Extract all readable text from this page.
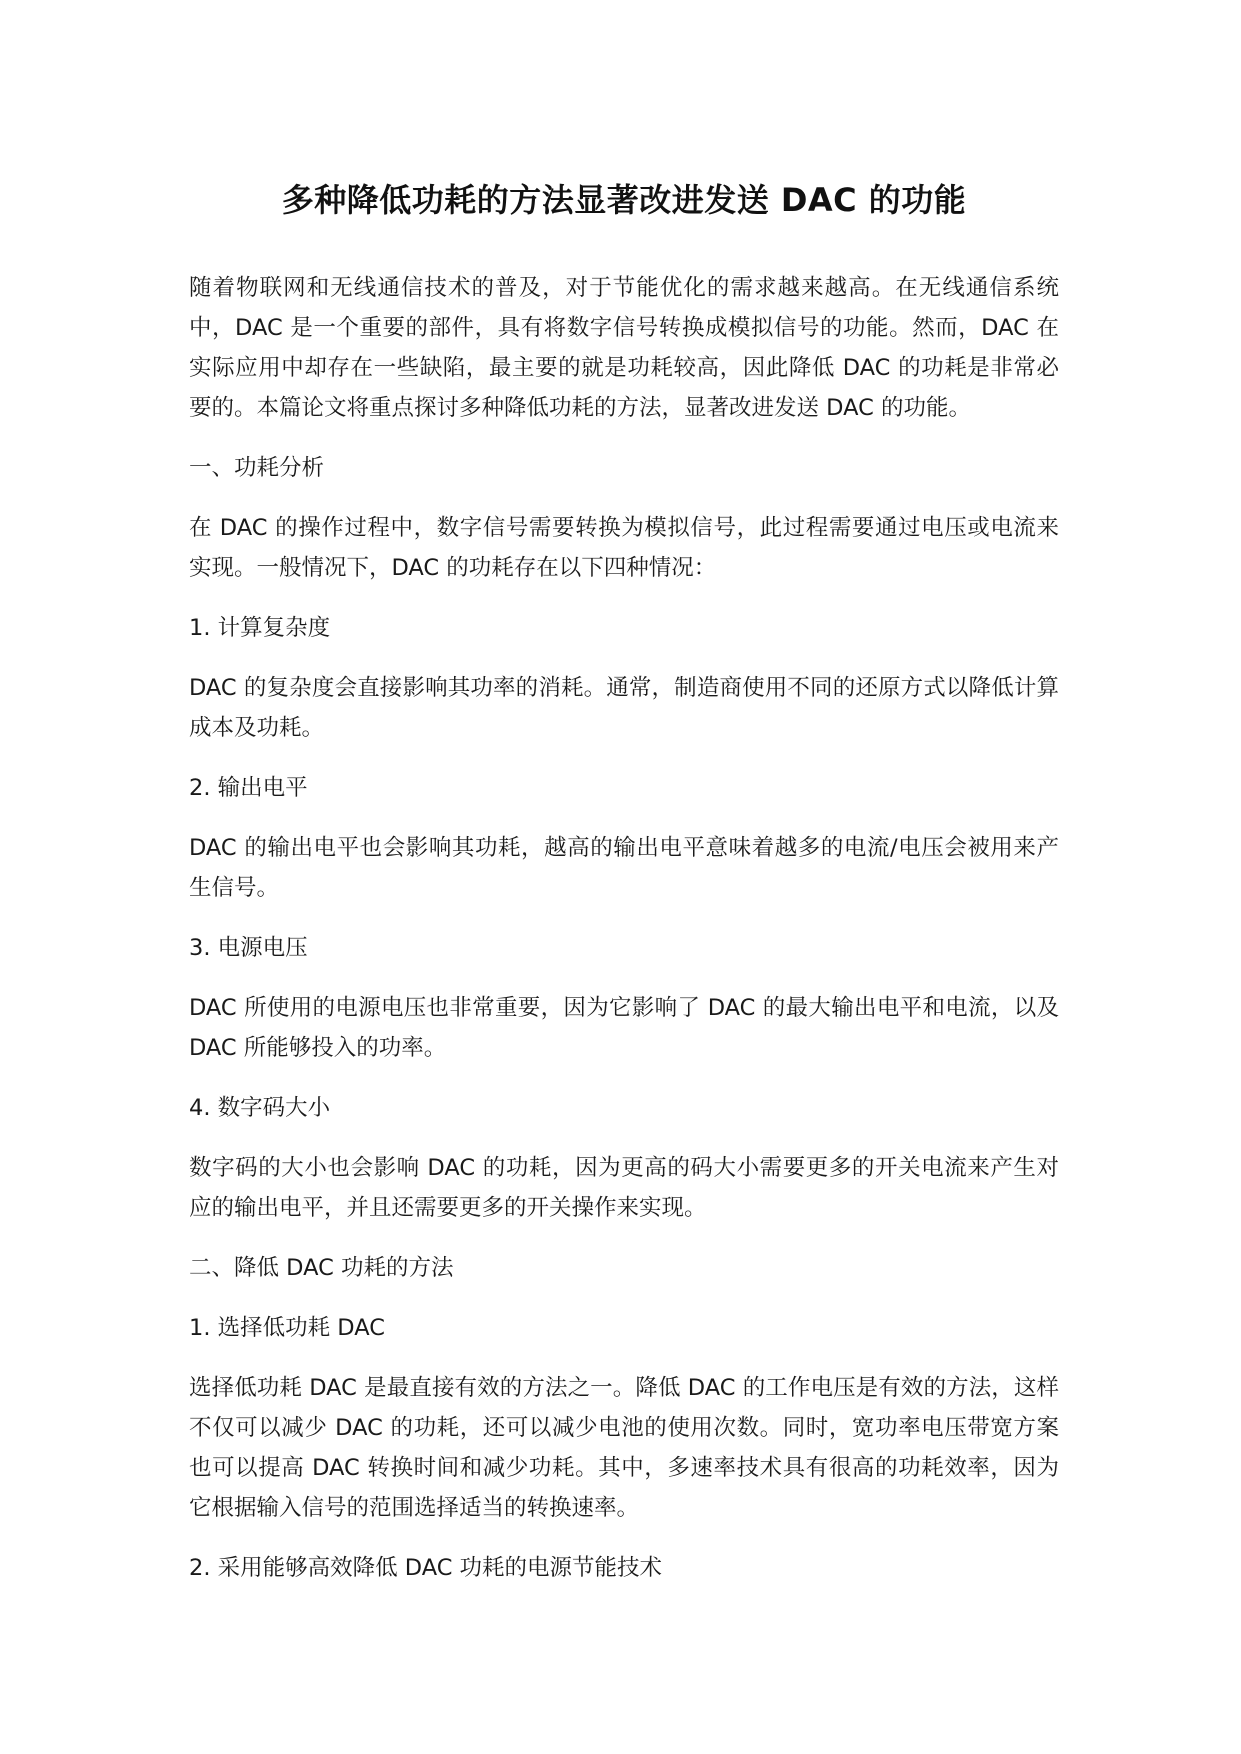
多种降低功耗的方法显著改进发送 DAC 的功能

随着物联网和无线通信技术的普及，对于节能优化的需求越来越高。在无线通信系统中，DAC 是一个重要的部件，具有将数字信号转换成模拟信号的功能。然而，DAC 在实际应用中却存在一些缺陷，最主要的就是功耗较高，因此降低 DAC 的功耗是非常必要的。本篇论文将重点探讨多种降低功耗的方法，显著改进发送 DAC 的功能。

一、功耗分析

在 DAC 的操作过程中，数字信号需要转换为模拟信号，此过程需要通过电压或电流来实现。一般情况下，DAC 的功耗存在以下四种情况：

1. 计算复杂度

DAC 的复杂度会直接影响其功率的消耗。通常，制造商使用不同的还原方式以降低计算成本及功耗。

2. 输出电平

DAC 的输出电平也会影响其功耗，越高的输出电平意味着越多的电流/电压会被用来产生信号。

3. 电源电压

DAC 所使用的电源电压也非常重要，因为它影响了 DAC 的最大输出电平和电流，以及 DAC 所能够投入的功率。

4. 数字码大小

数字码的大小也会影响 DAC 的功耗，因为更高的码大小需要更多的开关电流来产生对应的输出电平，并且还需要更多的开关操作来实现。

二、降低 DAC 功耗的方法

1. 选择低功耗 DAC

选择低功耗 DAC 是最直接有效的方法之一。降低 DAC 的工作电压是有效的方法，这样不仅可以减少 DAC 的功耗，还可以减少电池的使用次数。同时，宽功率电压带宽方案也可以提高 DAC 转换时间和减少功耗。其中，多速率技术具有很高的功耗效率，因为它根据输入信号的范围选择适当的转换速率。

2. 采用能够高效降低 DAC 功耗的电源节能技术
